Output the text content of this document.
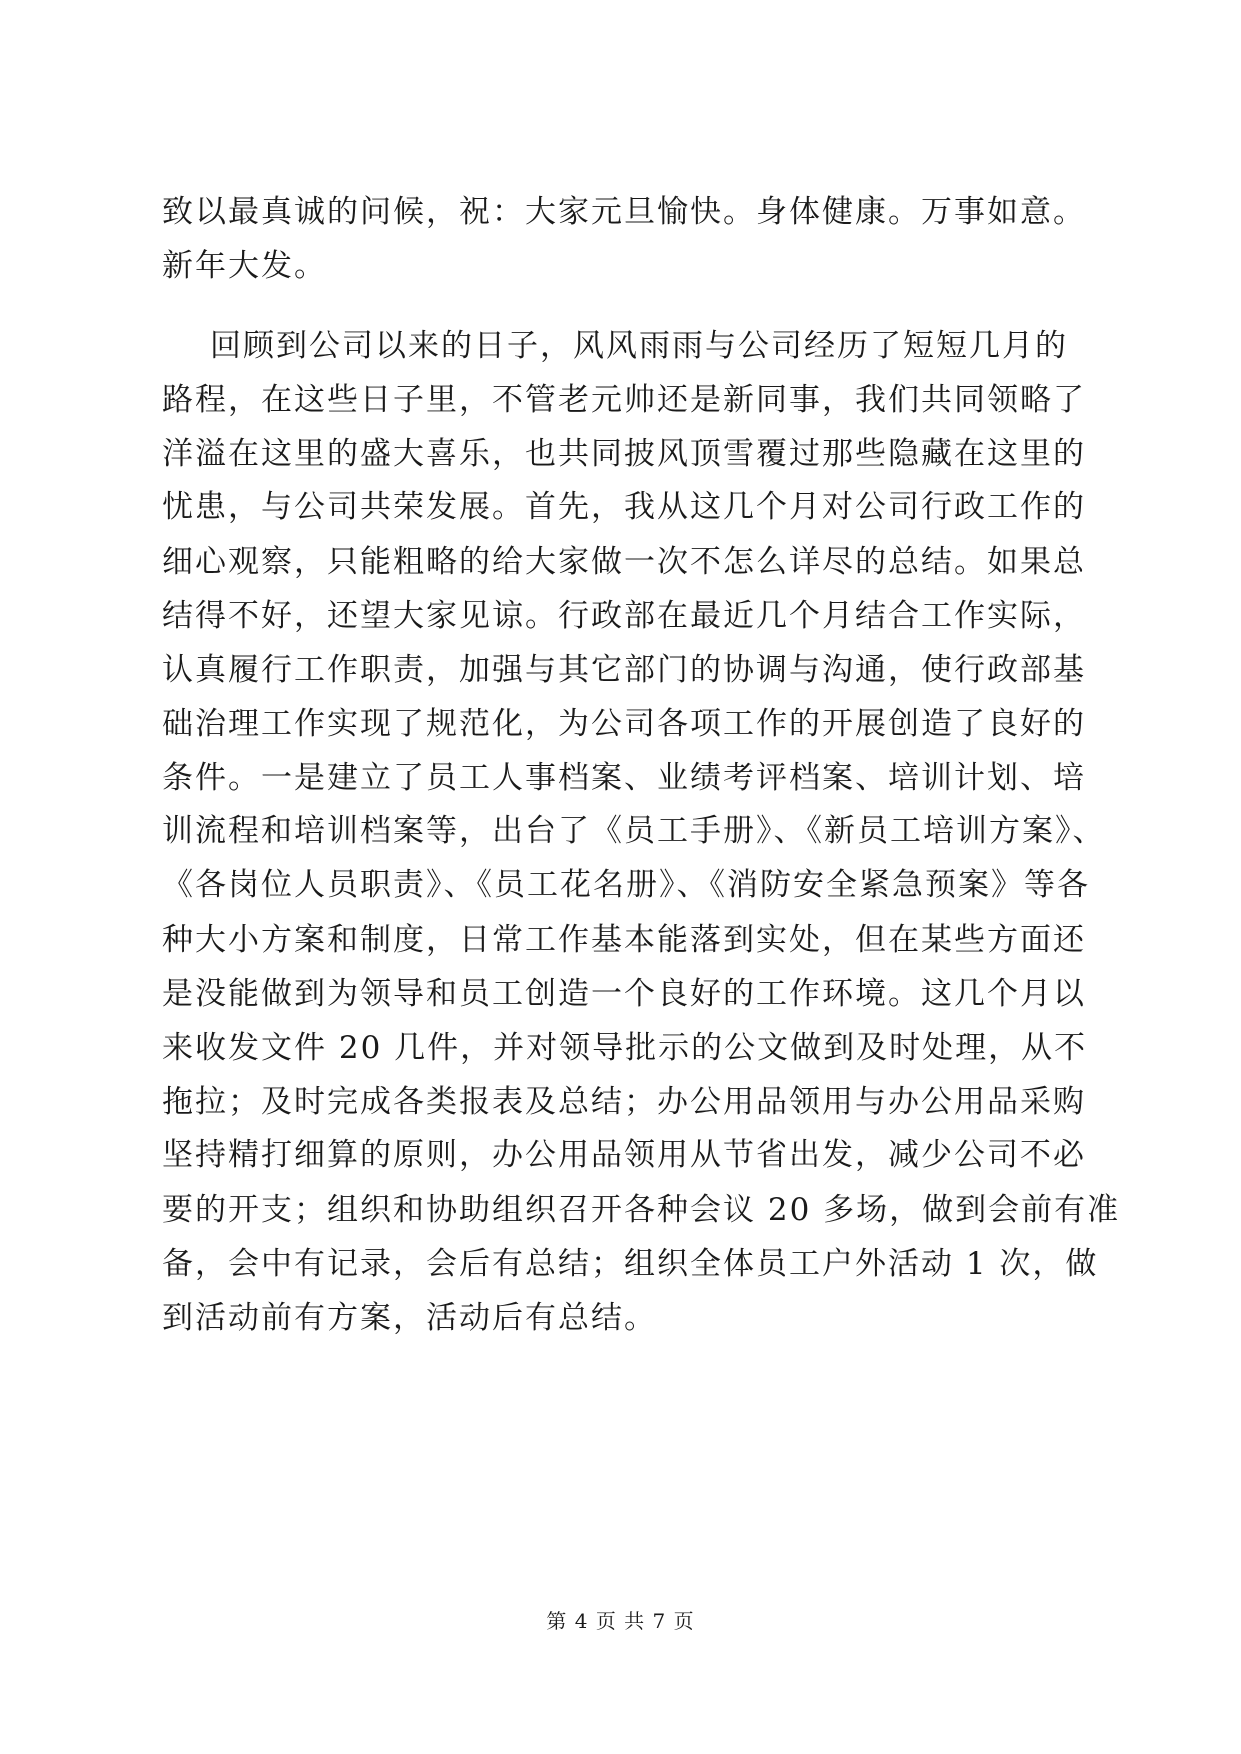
致以最真诚的问候，祝：大家元旦愉快。身体健康。万事如意。
新年大发。
回顾到公司以来的日子，风风雨雨与公司经历了短短几月的
路程，在这些日子里，不管老元帅还是新同事，我们共同领略了
洋溢在这里的盛大喜乐，也共同披风顶雪覆过那些隐藏在这里的
忧患，与公司共荣发展。首先，我从这几个月对公司行政工作的
细心观察，只能粗略的给大家做一次不怎么详尽的总结。如果总
结得不好，还望大家见谅。行政部在最近几个月结合工作实际，
认真履行工作职责，加强与其它部门的协调与沟通，使行政部基
础治理工作实现了规范化，为公司各项工作的开展创造了良好的
条件。一是建立了员工人事档案、业绩考评档案、培训计划、培
训流程和培训档案等，出台了《员工手册》、《新员工培训方案》、
《各岗位人员职责》、《员工花名册》、《消防安全紧急预案》等各
种大小方案和制度，日常工作基本能落到实处，但在某些方面还
是没能做到为领导和员工创造一个良好的工作环境。这几个月以
来收发文件 20 几件，并对领导批示的公文做到及时处理，从不
拖拉；及时完成各类报表及总结；办公用品领用与办公用品采购
坚持精打细算的原则，办公用品领用从节省出发，减少公司不必
要的开支；组织和协助组织召开各种会议 20 多场，做到会前有准
备，会中有记录，会后有总结；组织全体员工户外活动 1 次，做
到活动前有方案，活动后有总结。
第 4 页 共 7 页
